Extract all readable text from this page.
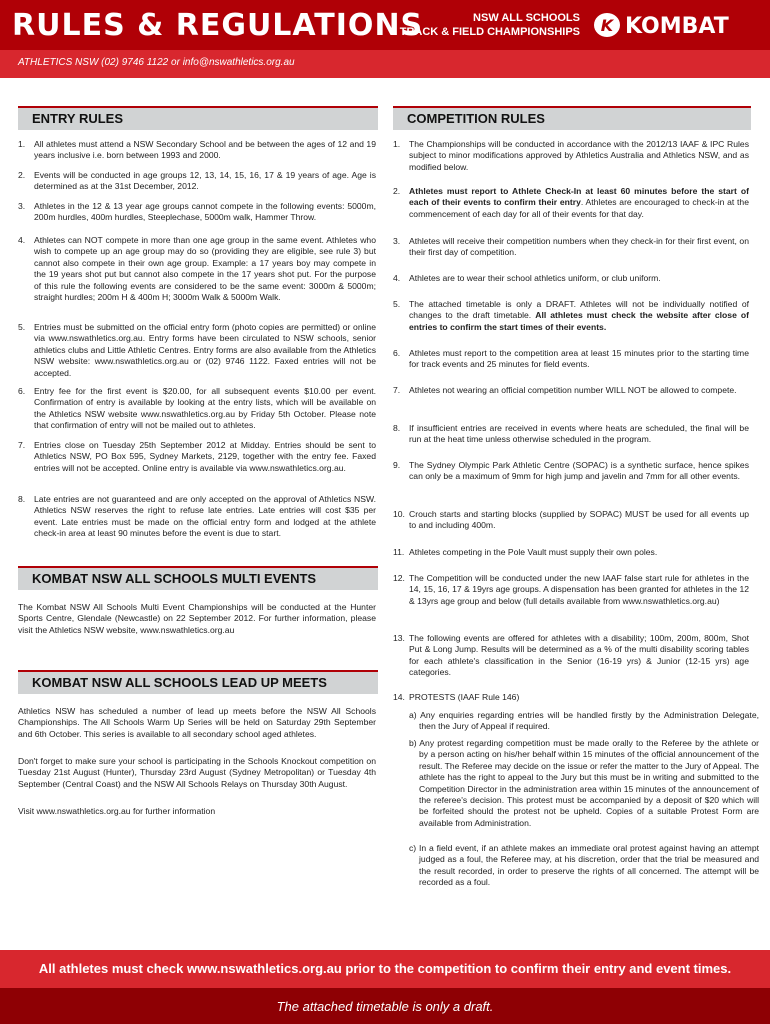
RULES & REGULATIONS	NSW ALL SCHOOLS
TRACK & FIELD CHAMPIONSHIPS K KOMBAT
ATHLETICS NSW (02) 9746 1122 or info@nswathletics.org.au
ENTRY RULES
1. All athletes must attend a NSW Secondary School and be between the ages of 12 and 19 years inclusive i.e. born between 1993 and 2000.
2. Events will be conducted in age groups 12, 13, 14, 15, 16, 17 & 19 years of age. Age is determined as at the 31st December, 2012.
3. Athletes in the 12 & 13 year age groups cannot compete in the following events: 5000m, 200m hurdles, 400m hurdles, Steeplechase, 5000m walk, Hammer Throw.
4. Athletes can NOT compete in more than one age group in the same event. Athletes who wish to compete up an age group may do so (providing they are eligible, see rule 3) but cannot also compete in their own age group. Example: a 17 years boy may compete in the 19 years shot put but cannot also compete in the 17 years shot put. For the purpose of this rule the following events are considered to be the same event: 3000m & 5000m; straight hurdles; 200m H & 400m H; 3000m Walk & 5000m Walk.
5. Entries must be submitted on the official entry form (photo copies are permitted) or online via www.nswathletics.org.au. Entry forms have been circulated to NSW schools, senior athletics clubs and Little Athletic Centres. Entry forms are also available from the Athletics NSW website: www.nswathletics.org.au or (02) 9746 1122. Faxed entries will not be accepted.
6. Entry fee for the first event is $20.00, for all subsequent events $10.00 per event. Confirmation of entry is available by looking at the entry lists, which will be available on the Athletics NSW website www.nswathletics.org.au by Friday 5th October. Please note that confirmation of entry will not be mailed out to athletes.
7. Entries close on Tuesday 25th September 2012 at Midday. Entries should be sent to Athletics NSW, PO Box 595, Sydney Markets, 2129, together with the entry fee. Faxed entries will not be accepted. Online entry is available via www.nswathletics.org.au.
8. Late entries are not guaranteed and are only accepted on the approval of Athletics NSW. Athletics NSW reserves the right to refuse late entries. Late entries will cost $35 per event. Late entries must be made on the official entry form and lodged at the athlete check-in area at least 90 minutes before the event is due to start.
KOMBAT NSW ALL SCHOOLS MULTI EVENTS
The Kombat NSW All Schools Multi Event Championships will be conducted at the Hunter Sports Centre, Glendale (Newcastle) on 22 September 2012. For further information, please visit the Athletics NSW website, www.nswathletics.org.au
KOMBAT NSW ALL SCHOOLS LEAD UP MEETS
Athletics NSW has scheduled a number of lead up meets before the NSW All Schools Championships. The All Schools Warm Up Series will be held on Saturday 29th September and 6th October. This series is available to all secondary school aged athletes.
Don't forget to make sure your school is participating in the Schools Knockout competition on Tuesday 21st August (Hunter), Thursday 23rd August (Sydney Metropolitan) or Tuesday 4th September (Central Coast) and the NSW All Schools Relays on Thursday 30th August.
Visit www.nswathletics.org.au for further information
COMPETITION RULES
1. The Championships will be conducted in accordance with the 2012/13 IAAF & IPC Rules subject to minor modifications approved by Athletics Australia and Athletics NSW, and as modified below.
2. Athletes must report to Athlete Check-In at least 60 minutes before the start of each of their events to confirm their entry. Athletes are encouraged to check-in at the commencement of each day for all of their events for that day.
3. Athletes will receive their competition numbers when they check-in for their first event, on their first day of competition.
4. Athletes are to wear their school athletics uniform, or club uniform.
5. The attached timetable is only a DRAFT. Athletes will not be individually notified of changes to the draft timetable. All athletes must check the website after close of entries to confirm the start times of their events.
6. Athletes must report to the competition area at least 15 minutes prior to the starting time for track events and 25 minutes for field events.
7. Athletes not wearing an official competition number WILL NOT be allowed to compete.
8. If insufficient entries are received in events where heats are scheduled, the final will be run at the heat time unless otherwise scheduled in the program.
9. The Sydney Olympic Park Athletic Centre (SOPAC) is a synthetic surface, hence spikes can only be a maximum of 9mm for high jump and javelin and 7mm for all other events.
10. Crouch starts and starting blocks (supplied by SOPAC) MUST be used for all events up to and including 400m.
11. Athletes competing in the Pole Vault must supply their own poles.
12. The Competition will be conducted under the new IAAF false start rule for athletes in the 14, 15, 16, 17 & 19yrs age groups. A dispensation has been granted for athletes in the 12 & 13yrs age group and below (full details available from www.nswathletics.org.au)
13. The following events are offered for athletes with a disability; 100m, 200m, 800m, Shot Put & Long Jump. Results will be determined as a % of the multi disability scoring tables for each athlete's classification in the Senior (16-19 yrs) & Junior (12-15 yrs) age categories.
14. PROTESTS (IAAF Rule 146)
a) Any enquiries regarding entries will be handled firstly by the Administration Delegate, then the Jury of Appeal if required.
b) Any protest regarding competition must be made orally to the Referee by the athlete or by a person acting on his/her behalf within 15 minutes of the official announcement of the result. The Referee may decide on the issue or refer the matter to the Jury of Appeal. The athlete has the right to appeal to the Jury but this must be in writing and submitted to the Competition Director in the administration area within 15 minutes of the announcement of the referee's decision. This protest must be accompanied by a deposit of $20 which will be forfeited should the protest not be upheld. Copies of a suitable Protest Form are available from Administration.
c) In a field event, if an athlete makes an immediate oral protest against having an attempt judged as a foul, the Referee may, at his discretion, order that the trial be measured and the result recorded, in order to preserve the rights of all concerned. The attempt will be recorded as a foul.
All athletes must check www.nswathletics.org.au prior to the competition to confirm their entry and event times.
The attached timetable is only a draft.
